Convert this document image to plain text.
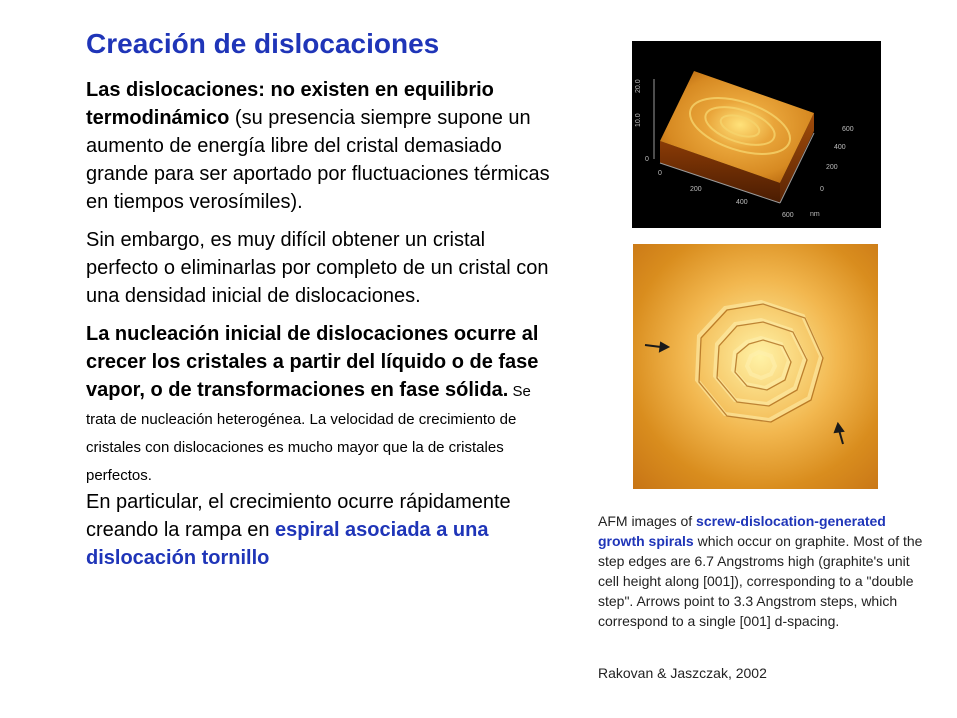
Creación de dislocaciones

Las dislocaciones: no existen en equilibrio termodinámico (su presencia siempre supone un aumento de energía libre del cristal demasiado grande para ser aportado por fluctuaciones térmicas en tiempos verosímiles).

Sin embargo, es muy difícil obtener un cristal perfecto o eliminarlas por completo de un cristal con una densidad inicial de dislocaciones.

La nucleación inicial de dislocaciones ocurre al crecer los cristales a partir del líquido o de fase vapor, o de transformaciones en fase sólida. Se trata de nucleación heterogénea. La velocidad de crecimiento de cristales con dislocaciones es mucho mayor que la de cristales perfectos.

En particular, el crecimiento ocurre rápidamente creando la rampa en espiral asociada a una dislocación tornillo

0
10.0
20.0
0
200
400
600 nm
0
200
400
600
AFM images of screw-dislocation-generated growth spirals which occur on graphite. Most of the step edges are 6.7 Angstroms high (graphite's unit cell height along [001]), corresponding to a "double step". Arrows point to 3.3 Angstrom steps, which correspond to a single [001] d-spacing.
Rakovan & Jaszczak, 2002
